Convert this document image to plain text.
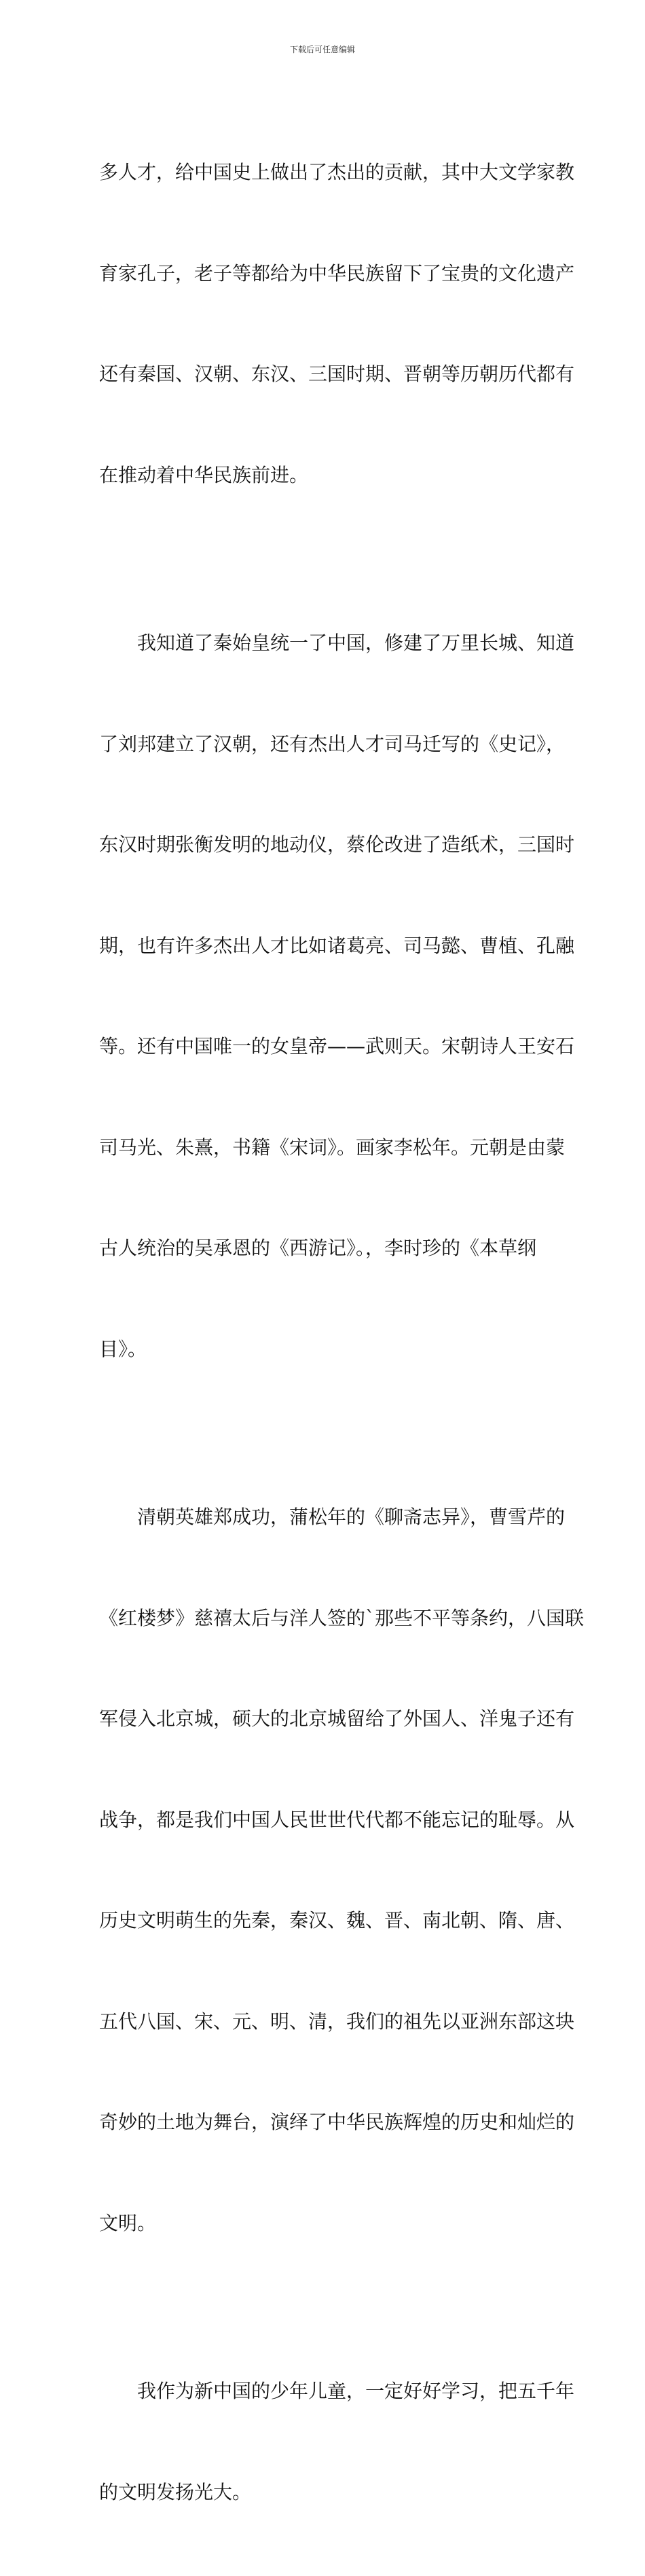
下载后可任意编辑

多人才，给中国史上做出了杰出的贡献，其中大文学家教

育家孔子，老子等都给为中华民族留下了宝贵的文化遗产

还有秦国、汉朝、东汉、三国时期、晋朝等历朝历代都有

在推动着中华民族前进。

　　我知道了秦始皇统一了中国，修建了万里长城、知道

了刘邦建立了汉朝，还有杰出人才司马迁写的《史记》，

东汉时期张衡发明的地动仪，蔡伦改进了造纸术，三国时

期，也有许多杰出人才比如诸葛亮、司马懿、曹植、孔融

等。还有中国唯一的女皇帝——武则天。宋朝诗人王安石

司马光、朱熹，书籍《宋词》。画家李松年。元朝是由蒙

古人统治的吴承恩的《西游记》。，李时珍的《本草纲

目》。

　　清朝英雄郑成功，蒲松年的《聊斋志异》，曹雪芹的

《红楼梦》慈禧太后与洋人签的`那些不平等条约，八国联

军侵入北京城，硕大的北京城留给了外国人、洋鬼子还有

战争，都是我们中国人民世世代代都不能忘记的耻辱。从

历史文明萌生的先秦，秦汉、魏、晋、南北朝、隋、唐、

五代八国、宋、元、明、清，我们的祖先以亚洲东部这块

奇妙的土地为舞台，演绎了中华民族辉煌的历史和灿烂的

文明。

　　我作为新中国的少年儿童，一定好好学习，把五千年

的文明发扬光大。
